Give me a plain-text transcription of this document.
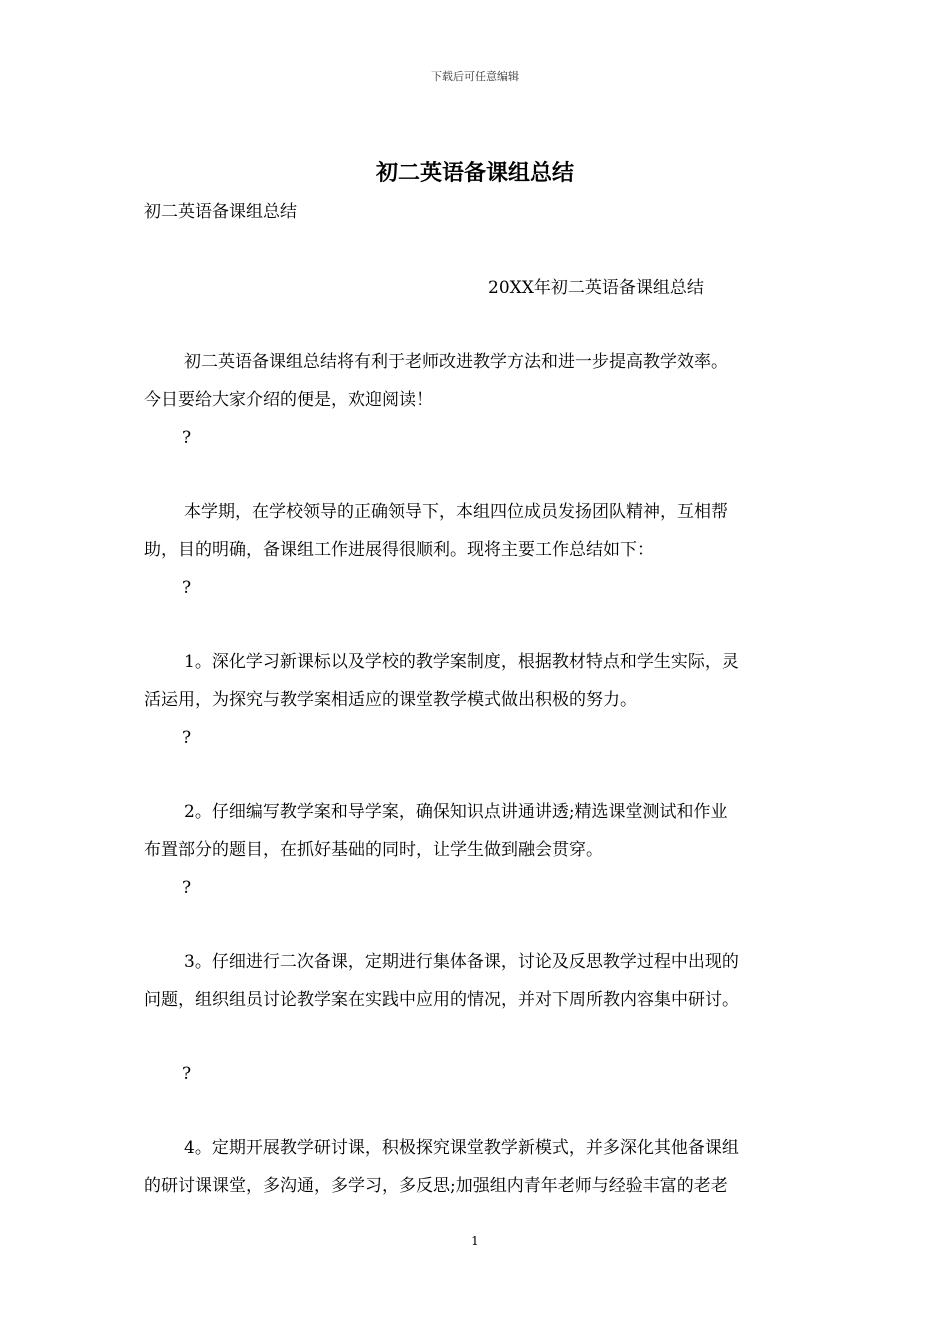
下载后可任意编辑
初二英语备课组总结
初二英语备课组总结
20XX年初二英语备课组总结
初二英语备课组总结将有利于老师改进教学方法和进一步提高教学效率。
今日要给大家介绍的便是，欢迎阅读！
?
本学期，在学校领导的正确领导下，本组四位成员发扬团队精神，互相帮
助，目的明确，备课组工作进展得很顺利。现将主要工作总结如下：
?
1。深化学习新课标以及学校的教学案制度，根据教材特点和学生实际，灵
活运用，为探究与教学案相适应的课堂教学模式做出积极的努力。
?
2。仔细编写教学案和导学案，确保知识点讲通讲透;精选课堂测试和作业
布置部分的题目，在抓好基础的同时，让学生做到融会贯穿。
?
3。仔细进行二次备课，定期进行集体备课，讨论及反思教学过程中出现的
问题，组织组员讨论教学案在实践中应用的情况，并对下周所教内容集中研讨。
?
4。定期开展教学研讨课，积极探究课堂教学新模式，并多深化其他备课组
的研讨课课堂，多沟通，多学习，多反思;加强组内青年老师与经验丰富的老老
1
